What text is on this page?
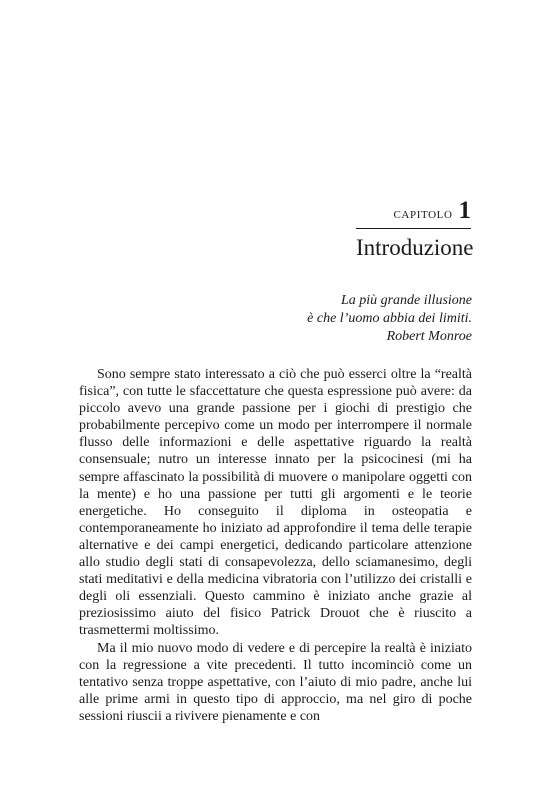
CAPITOLO 1
Introduzione
La più grande illusione
è che l’uomo abbia dei limiti.
Robert Monroe

Sono sempre stato interessato a ciò che può esserci oltre la “realtà fisica”, con tutte le sfaccettature che questa espressione può avere: da piccolo avevo una grande passione per i giochi di prestigio che probabilmente percepivo come un modo per interrompere il normale flusso delle informazioni e delle aspettative riguardo la realtà consensuale; nutro un interesse innato per la psicocinesi (mi ha sempre affascinato la possibilità di muovere o manipolare oggetti con la mente) e ho una passione per tutti gli argomenti e le teorie energetiche. Ho conseguito il diploma in osteopatia e contemporaneamente ho iniziato ad approfondire il tema delle terapie alternative e dei campi energetici, dedicando particolare attenzione allo studio degli stati di consapevolezza, dello sciamanesimo, degli stati meditativi e della medicina vibratoria con l’utilizzo dei cristalli e degli oli essenziali. Questo cammino è iniziato anche grazie al preziosissimo aiuto del fisico Patrick Drouot che è riuscito a trasmettermi moltissimo.

Ma il mio nuovo modo di vedere e di percepire la realtà è iniziato con la regressione a vite precedenti. Il tutto incominciò come un tentativo senza troppe aspettative, con l’aiuto di mio padre, anche lui alle prime armi in questo tipo di approccio, ma nel giro di poche sessioni riuscii a rivivere pienamente e con
